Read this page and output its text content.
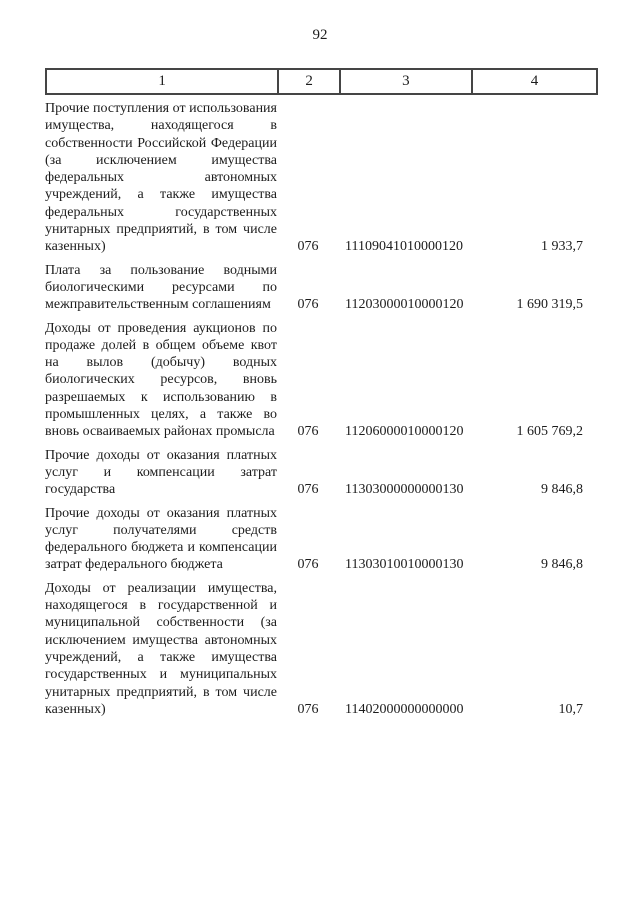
92
1	2	3	4
Прочие поступления от использования имущества, находящегося в собственности Российской Федерации (за исключением имущества федеральных автономных учреждений, а также имущества федеральных государственных унитарных предприятий, в том числе казенных)	076	11109041010000120	1 933,7
Плата за пользование водными биологическими ресурсами по межправительственным соглашениям	076	11203000010000120	1 690 319,5
Доходы от проведения аукционов по продаже долей в общем объеме квот на вылов (добычу) водных биологических ресурсов, вновь разрешаемых к использованию в промышленных целях, а также во вновь осваиваемых районах промысла	076	11206000010000120	1 605 769,2
Прочие доходы от оказания платных услуг и компенсации затрат государства	076	11303000000000130	9 846,8
Прочие доходы от оказания платных услуг получателями средств федерального бюджета и компенсации затрат федерального бюджета	076	11303010010000130	9 846,8
Доходы от реализации имущества, находящегося в государственной и муниципальной собственности (за исключением имущества автономных учреждений, а также имущества государственных и муниципальных унитарных предприятий, в том числе казенных)	076	11402000000000000	10,7
